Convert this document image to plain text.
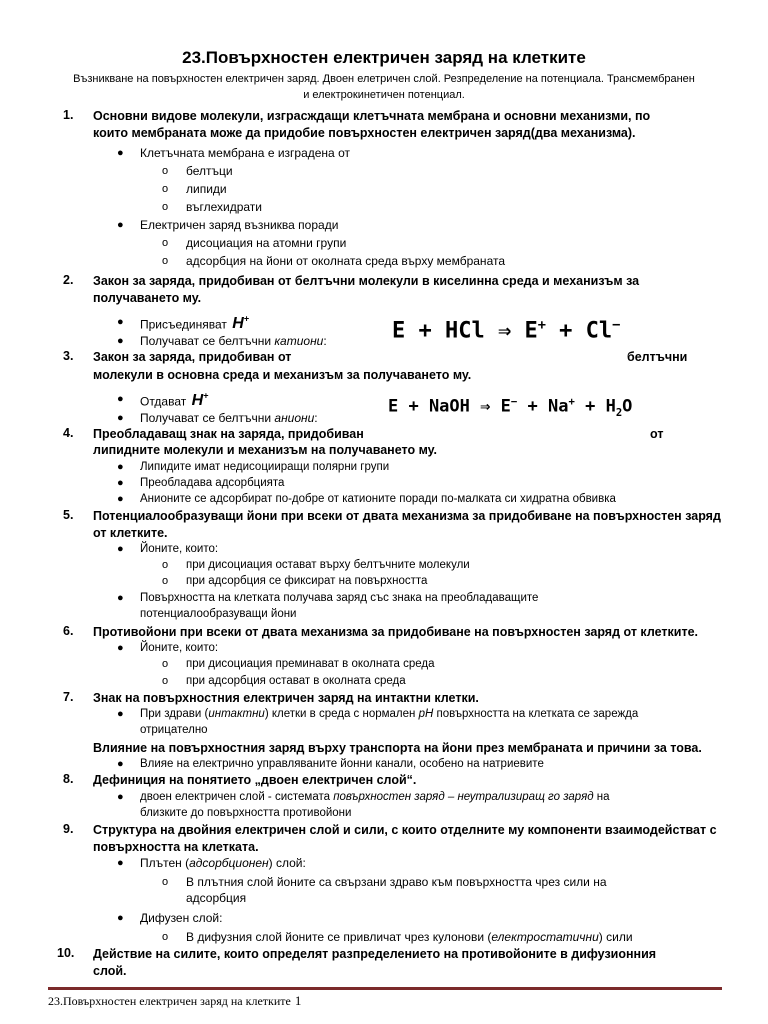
23.Повърхностен електричен заряд на клетките
Възникване на повърхностен електричен заряд. Двоен елетричен слой. Резпределение на потенциала. Трансмембранен
и електрокинетичен потенциал.
1. Основни видове молекули, изграсждащи клетъчната мембрана и основни механизми, по
които мембраната може да придобие повърхностен електричен заряд(два механизма).
● Клетъчната мембрана е изградена от
o белтъци
o липиди
o въглехидрати
● Електричен заряд възниква поради
o дисоциация на атомни групи
o адсорбция на йони от околната среда върху мембраната
2. Закон за заряда, придобиван от белтъчни молекули в киселинна среда и механизъм за
получаването му.
● Присъединяват H+
● Получават се белтъчни катиони:	E + HCl ⇒ E+ + Cl−
3. Закон за заряда, придобиван от	белтъчни
молекули в основна среда и механизъм за получаването му.
● Отдават H+
● Получават се белтъчни аниони:
E + NaOH ⇒ $E^- + Na^+ + H_2O$
4. Преобладаващ знак на заряда, придобиван	от
липидните молекули и механизъм на получаването му.
● Липидите имат недисоцииращи полярни групи
● Преобладава адсорбцията
● Анионите се адсорбират по-добре от катионите поради по-малката си хидратна обвивка
5. Потенциалообразуващи йони при всеки от двата механизма за придобиване на повърхностен заряд
от клетките.
● Йоните, които:
o при дисоциация остават върху белтъчните молекули
o при адсорбция се фиксират на повърхността
● Повърхността на клетката получава заряд със знака на преобладаващите
потенциалообразуващи йони
6. Противойони при всеки от двата механизма за придобиване на повърхностен заряд от клетките.
● Йоните, които:
o при дисоциация преминават в околната среда
o при адсорбция остават в околната среда
7. Знак на повърхностния електричен заряд на интактни клетки.
● При здрави (интактни) клетки в среда с нормален pH повърхността на клетката се зарежда
отрицателно
Влияние на повърхностния заряд върху транспорта на йони през мембраната и причини за това.
● Влияе на електрично управляваните йонни канали, особено на натриевите
8. Дефиниция на понятието „двоен електричен слой“.
● двоен електричен слой - системата повърхностен заряд – неутрализиращ го заряд на
близките до повърхността противойони
9. Структура на двойния електричен слой и сили, с които отделните му компоненти взаимодействат с
повърхността на клетката.
● Плътен (адсорбционен) слой:
o В плътния слой йоните са свързани здраво към повърхността чрез сили на
адсорбция
● Дифузен слой:
o В дифузния слой йоните се привличат чрез кулонови (електростатични) сили
10. Действие на силите, които определят разпределението на противойоните в дифузионния
слой.
23.Повърхностен електричен заряд на клетките 1
